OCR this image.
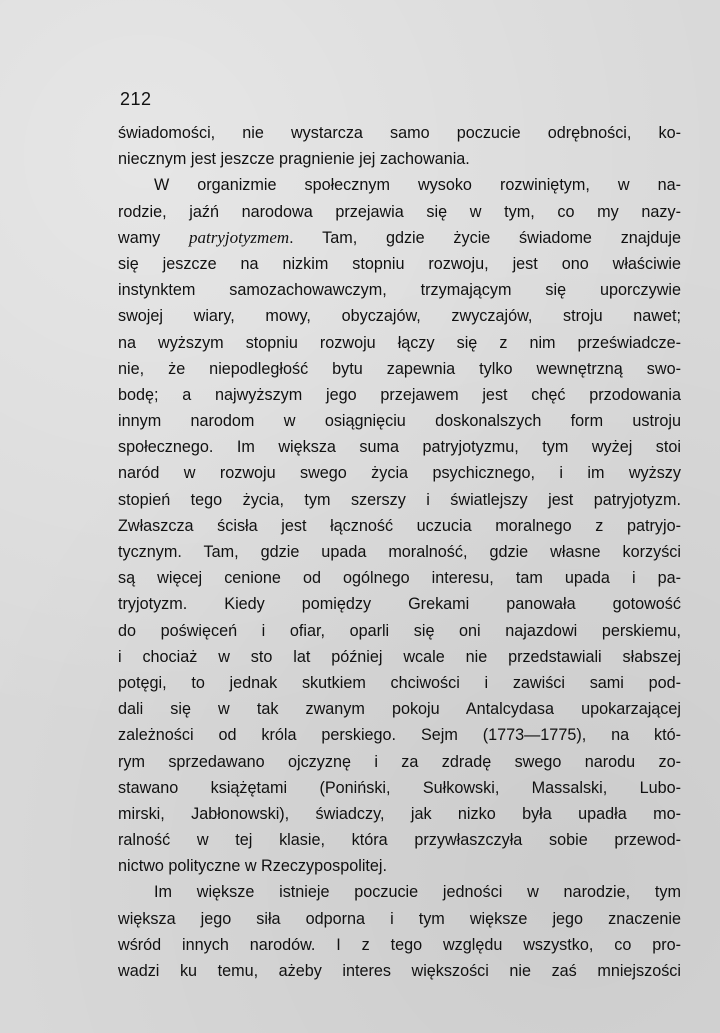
212
świadomości, nie wystarcza samo poczucie odrębności, ko-
niecznym jest jeszcze pragnienie jej zachowania.
W organizmie społecznym wysoko rozwiniętym, w na-
rodzie, jaźń narodowa przejawia się w tym, co my nazy-
wamy patryjotyzmem. Tam, gdzie życie świadome znajduje
się jeszcze na nizkim stopniu rozwoju, jest ono właściwie
instynktem samozachowawczym, trzymającym się uporczywie
swojej wiary, mowy, obyczajów, zwyczajów, stroju nawet;
na wyższym stopniu rozwoju łączy się z nim przeświadcze-
nie, że niepodległość bytu zapewnia tylko wewnętrzną swo-
bodę; a najwyższym jego przejawem jest chęć przodowania
innym narodom w osiągnięciu doskonalszych form ustroju
społecznego. Im większa suma patryjotyzmu, tym wyżej stoi
naród w rozwoju swego życia psychicznego, i im wyższy
stopień tego życia, tym szerszy i światlejszy jest patryjotyzm.
Zwłaszcza ścisła jest łączność uczucia moralnego z patryjo-
tycznym. Tam, gdzie upada moralność, gdzie własne korzyści
są więcej cenione od ogólnego interesu, tam upada i pa-
tryjotyzm. Kiedy pomiędzy Grekami panowała gotowość
do poświęceń i ofiar, oparli się oni najazdowi perskiemu,
i chociaż w sto lat później wcale nie przedstawiali słabszej
potęgi, to jednak skutkiem chciwości i zawiści sami pod-
dali się w tak zwanym pokoju Antalcydasa upokarzającej
zależności od króla perskiego. Sejm (1773—1775), na któ-
rym sprzedawano ojczyznę i za zdradę swego narodu zo-
stawano książętami (Poniński, Sułkowski, Massalski, Lubo-
mirski, Jabłonowski), świadczy, jak nizko była upadła mo-
ralność w tej klasie, która przywłaszczyła sobie przewod-
nictwo polityczne w Rzeczypospolitej.
Im większe istnieje poczucie jedności w narodzie, tym
większa jego siła odporna i tym większe jego znaczenie
wśród innych narodów. I z tego względu wszystko, co pro-
wadzi ku temu, ażeby interes większości nie zaś mniejszości
